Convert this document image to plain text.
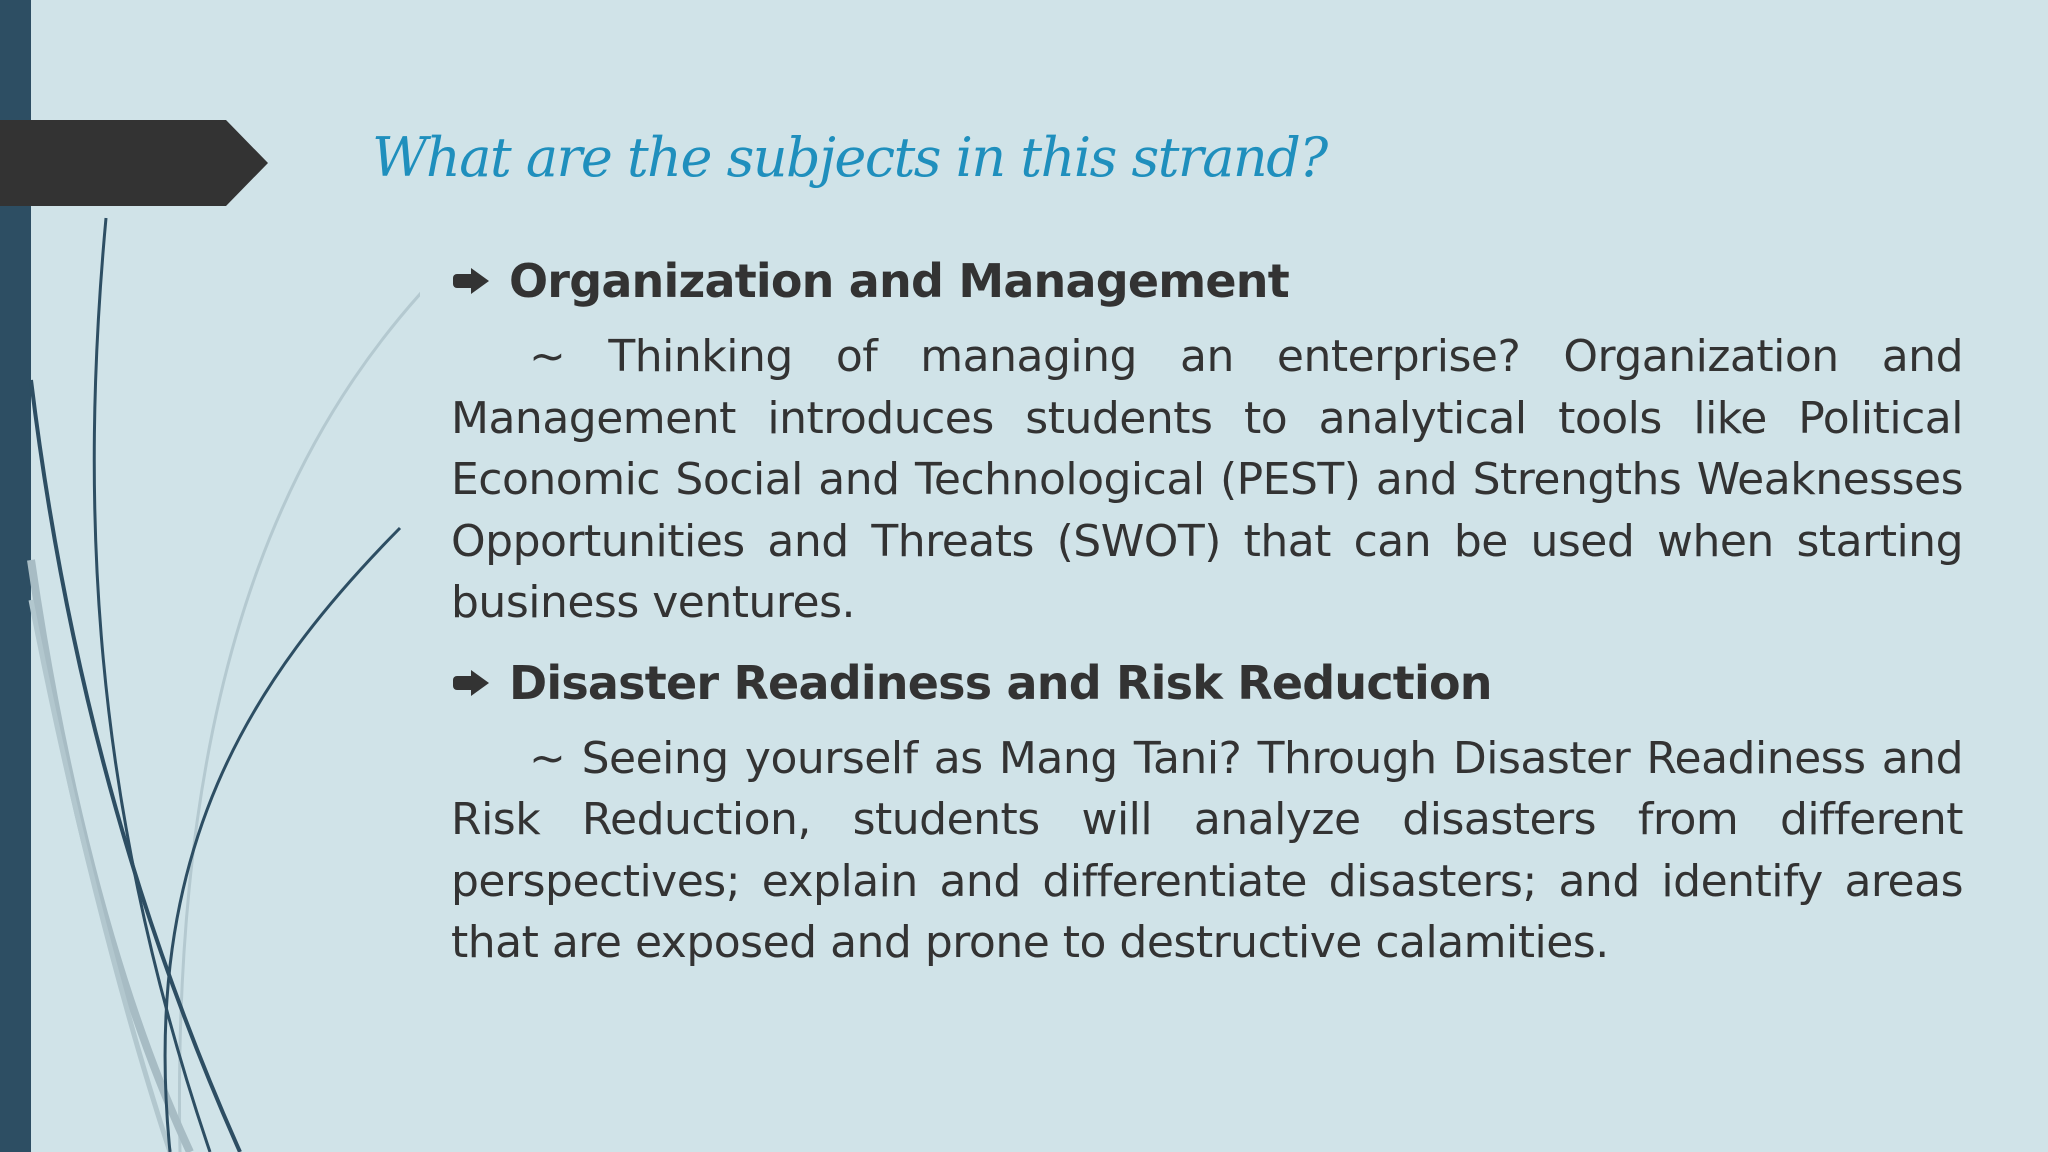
What are the subjects in this strand?
Organization and Management

~ Thinking of managing an enterprise? Organization and Management introduces students to analytical tools like Political Economic Social and Technological (PEST) and Strengths Weaknesses Opportunities and Threats (SWOT) that can be used when starting business ventures.

Disaster Readiness and Risk Reduction

~ Seeing yourself as Mang Tani? Through Disaster Readiness and Risk Reduction, students will analyze disasters from different perspectives; explain and differentiate disasters; and identify areas that are exposed and prone to destructive calamities.
